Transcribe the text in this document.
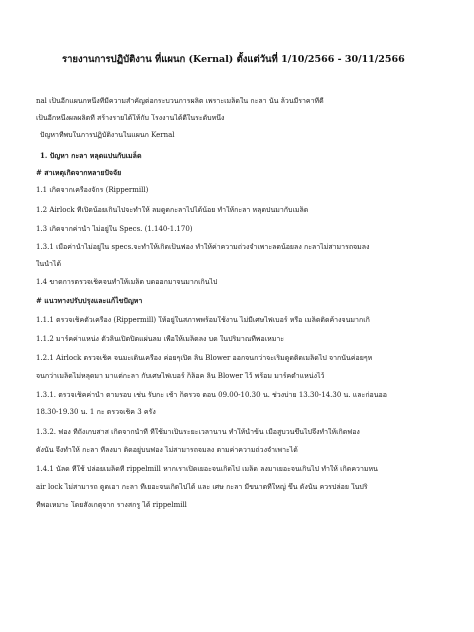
รายงานการปฏิบัติงาน ที่แผนก (Kernal) ตั้งแต่วันที่ 1/10/2566 - 30/11/2566
nal เป็นอีกแผนกหนึ่งที่มีความสำคัญต่อกระบวนการผลิต เพราะเมล็ดใน กะลา นั้น ล้วนมีราคาที่ดี
เป็นอีกหนึ่งผลผลิตที่ สร้างรายได้ให้กับ โรงงานได้ดีในระดับหนึ่ง
ปัญหาที่พบในการปฏิบัติงานในแผนก Kernal
1. ปัญหา กะลา หลุดแปนกับเมล็ด
# สาเหตุเกิดจากหลายปัจจัย
1.1 เกิดจากเครื่องจักร (Rippermill)
1.2 Airlock ที่เปิดน้อยเกินไปจะทำให้ ลมดูดกะลาไปได้น้อย ทำให้กะลา หลุดปนมากับเมล็ด
1.3 เกิดจากค่าน้ำ ไม่อยู่ใน Specs. (1.140-1.170)
1.3.1 เมื่อค่าน้ำไม่อยู่ใน specs.จะทำให้เกิดเป็นฟอง ทำให้ค่าความถ่วงจำเพาะลดน้อยลง กะลาไม่สามารถจมลง
ในน้ำได้
1.4 ขาดการตรวจเช็คจนทำให้เมล็ด บดออกมาจนมากเกินไป
# แนวทางปรับปรุงและแก้ไขปัญหา
1.1.1 ตรวจเช็คตัวเครื่อง (Rippermill) ให้อยู่ในสภาพพร้อมใช้งาน ไม่มีเศษไฟเบอร์ หรือ เมล็ดติดค้างจนมากเกิ
1.1.2 มาร์คค่าแหน่ง ตัวลิ้นเปิดปิดแผ่นลม เพื่อให้เมล็ดลง บด ในปริมาณที่พอเหมาะ
1.2.1 Airlock ตรวจเช็ค จนมะเดินเครื่อง ค่อยๆเปิด ลิ้น Blower ออกจนกว่าจะเริ่มดูดติดเมล็ดไป จากนั้นค่อยๆห
จนกว่าเมล็ดไม่หลุดมา มาแต่กะลา กับเศษไฟเบอร์ ก็ล็อค ลิ้น Blower ไว้ พร้อม มาร์คตำแหน่งไว้
1.3.1. ตรวจเช็คค่าน้ำ ตามรอบ เช่น รับกะ เช้า ก็ตรวจ ตอน 09.00-10.30 น. ช่วงบ่าย 13.30-14.30 น. และก่อนออ
18.30-19.30 น. 1 กะ ตรวจเช็ค 3 ครั้ง
1.3.2. ฟอง ที่ถังเกบสาส เกิดจากน้ำที่ ที่ใช้มาเป็นระยะเวลานาน ทำให้น้ำข้น เมื่อสูบวนขึ้นไปจึงทำให้เกิดฟอง
ดังนั้น จึงทำให้ กะลา ที่ลงมา ติดอยู่บนฟอง ไม่สามารถจมลง ตามค่าความถ่วงจำเพาะได้
1.4.1 นัลด ที่ใช้ ปล่อยเมล็ดที่ rippelmill หากเราเปิดเยอะจนเกิดไป เมล็ด ลงมาเยอะจนเกินไป ทำให้ เกิดความหน
air lock ไม่สามารถ ดูดเอา กะลา ที่เยอะจนเกิดไปได้ และ เศษ กะลา มีขนาดที่ใหญ่ ขึ้น ดังนั้น ควรปล่อย ในปริ
ที่พอเหมาะ โดยสังเกตุจาก รางสกรู ได้ rippelmill
